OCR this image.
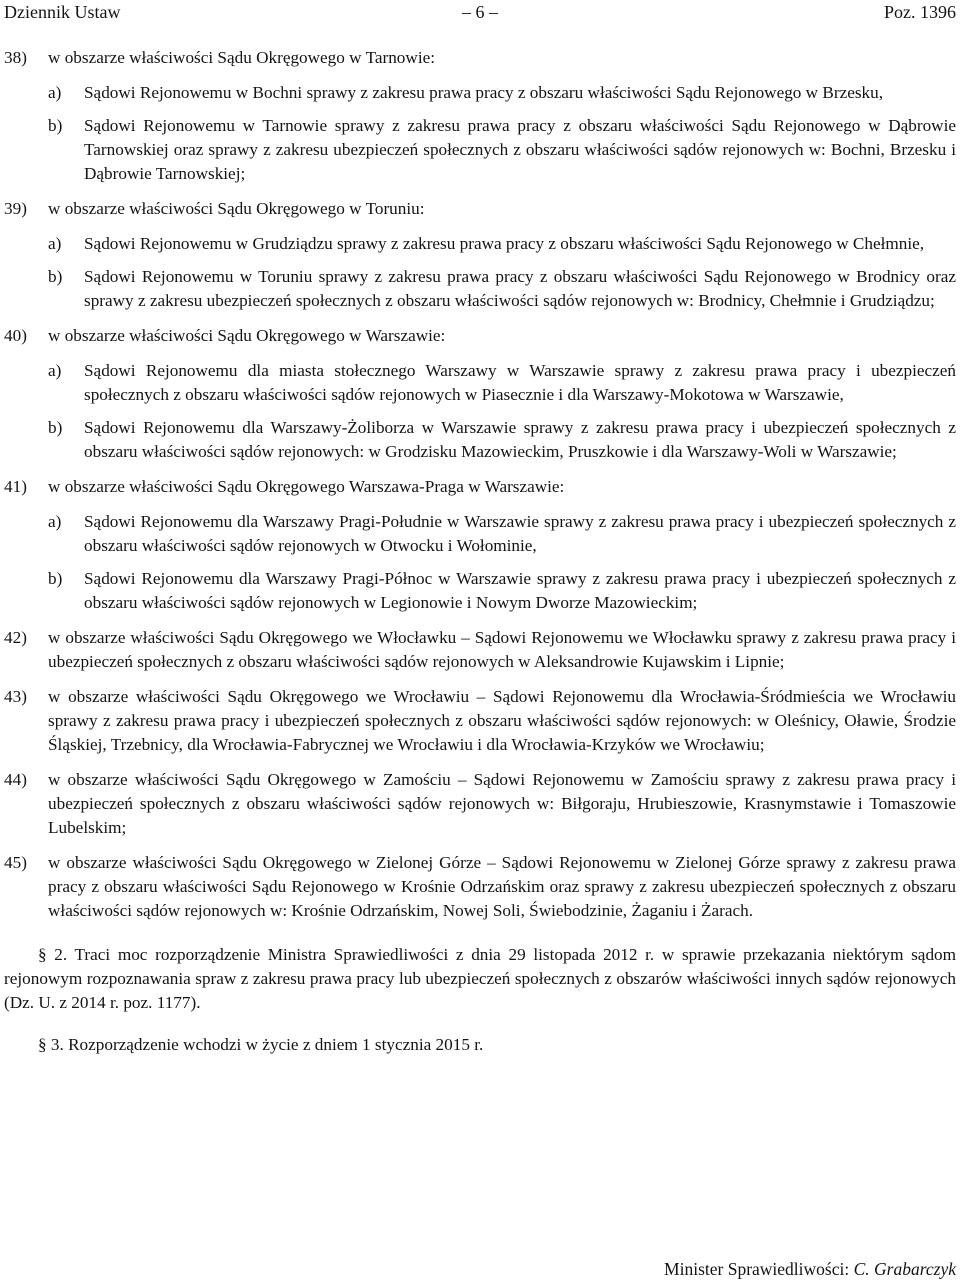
Dziennik Ustaw	– 6 –	Poz. 1396
38)	w obszarze właściwości Sądu Okręgowego w Tarnowie:
a)	Sądowi Rejonowemu w Bochni sprawy z zakresu prawa pracy z obszaru właściwości Sądu Rejonowego w Brzesku,
b)	Sądowi Rejonowemu w Tarnowie sprawy z zakresu prawa pracy z obszaru właściwości Sądu Rejonowego w Dąbrowie Tarnowskiej oraz sprawy z zakresu ubezpieczeń społecznych z obszaru właściwości sądów rejonowych w: Bochni, Brzesku i Dąbrowie Tarnowskiej;
39)	w obszarze właściwości Sądu Okręgowego w Toruniu:
a)	Sądowi Rejonowemu w Grudziądzu sprawy z zakresu prawa pracy z obszaru właściwości Sądu Rejonowego w Chełmnie,
b)	Sądowi Rejonowemu w Toruniu sprawy z zakresu prawa pracy z obszaru właściwości Sądu Rejonowego w Brodnicy oraz sprawy z zakresu ubezpieczeń społecznych z obszaru właściwości sądów rejonowych w: Brodnicy, Chełmnie i Grudziądzu;
40)	w obszarze właściwości Sądu Okręgowego w Warszawie:
a)	Sądowi Rejonowemu dla miasta stołecznego Warszawy w Warszawie sprawy z zakresu prawa pracy i ubezpieczeń społecznych z obszaru właściwości sądów rejonowych w Piasecznie i dla Warszawy-Mokotowa w Warszawie,
b)	Sądowi Rejonowemu dla Warszawy-Żoliborza w Warszawie sprawy z zakresu prawa pracy i ubezpieczeń społecznych z obszaru właściwości sądów rejonowych: w Grodzisku Mazowieckim, Pruszkowie i dla Warszawy-Woli w Warszawie;
41)	w obszarze właściwości Sądu Okręgowego Warszawa-Praga w Warszawie:
a)	Sądowi Rejonowemu dla Warszawy Pragi-Południe w Warszawie sprawy z zakresu prawa pracy i ubezpieczeń społecznych z obszaru właściwości sądów rejonowych w Otwocku i Wołominie,
b)	Sądowi Rejonowemu dla Warszawy Pragi-Północ w Warszawie sprawy z zakresu prawa pracy i ubezpieczeń społecznych z obszaru właściwości sądów rejonowych w Legionowie i Nowym Dworze Mazowieckim;
42)	w obszarze właściwości Sądu Okręgowego we Włocławku – Sądowi Rejonowemu we Włocławku sprawy z zakresu prawa pracy i ubezpieczeń społecznych z obszaru właściwości sądów rejonowych w Aleksandrowie Kujawskim i Lipnie;
43)	w obszarze właściwości Sądu Okręgowego we Wrocławiu – Sądowi Rejonowemu dla Wrocławia-Śródmieścia we Wrocławiu sprawy z zakresu prawa pracy i ubezpieczeń społecznych z obszaru właściwości sądów rejonowych: w Oleśnicy, Oławie, Środzie Śląskiej, Trzebnicy, dla Wrocławia-Fabrycznej we Wrocławiu i dla Wrocławia-Krzyków we Wrocławiu;
44)	w obszarze właściwości Sądu Okręgowego w Zamościu – Sądowi Rejonowemu w Zamościu sprawy z zakresu prawa pracy i ubezpieczeń społecznych z obszaru właściwości sądów rejonowych w: Biłgoraju, Hrubieszowie, Krasnymstawie i Tomaszowie Lubelskim;
45)	w obszarze właściwości Sądu Okręgowego w Zielonej Górze – Sądowi Rejonowemu w Zielonej Górze sprawy z zakresu prawa pracy z obszaru właściwości Sądu Rejonowego w Krośnie Odrzańskim oraz sprawy z zakresu ubezpieczeń społecznych z obszaru właściwości sądów rejonowych w: Krośnie Odrzańskim, Nowej Soli, Świebodzinie, Żaganiu i Żarach.

§ 2. Traci moc rozporządzenie Ministra Sprawiedliwości z dnia 29 listopada 2012 r. w sprawie przekazania niektórym sądom rejonowym rozpoznawania spraw z zakresu prawa pracy lub ubezpieczeń społecznych z obszarów właściwości innych sądów rejonowych (Dz. U. z 2014 r. poz. 1177).

§ 3. Rozporządzenie wchodzi w życie z dniem 1 stycznia 2015 r.

Minister Sprawiedliwości: C. Grabarczyk
